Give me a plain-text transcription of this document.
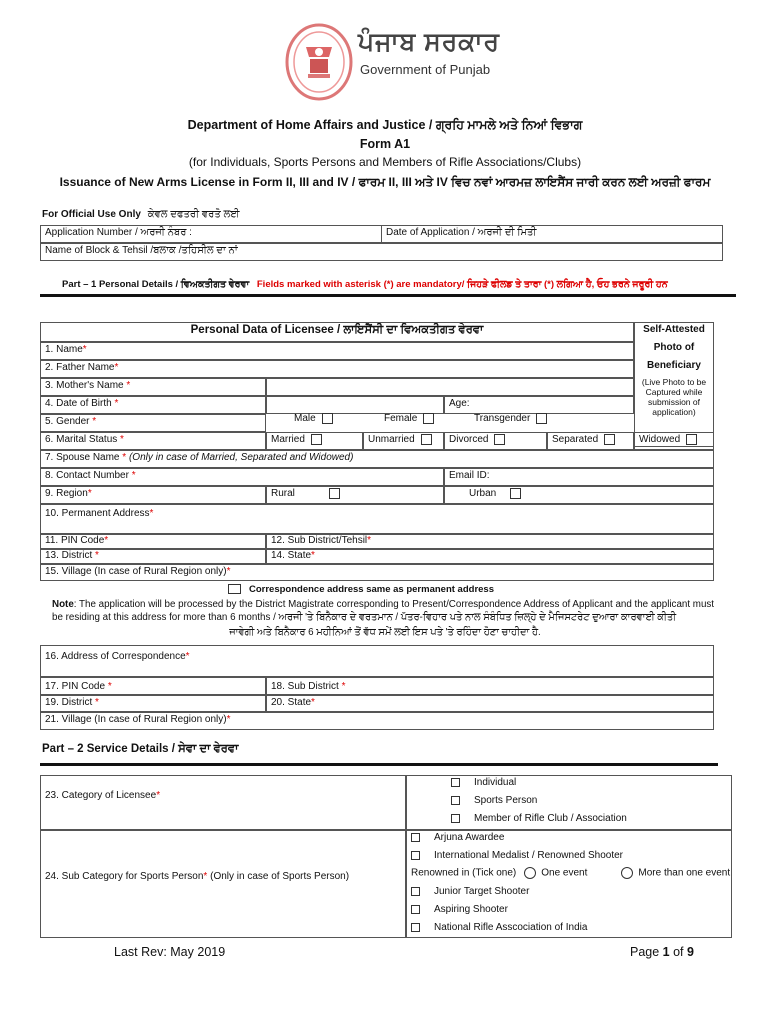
ਪੰਜਾਬ ਸਰਕਾਰ
Government of Punjab
Department of Home Affairs and Justice / ਗ੍ਰਹਿ ਮਾਮਲੇ ਅਤੇ ਨਿਆਂ ਵਿਭਾਗ
Form A1
(for Individuals, Sports Persons and Members of Rifle Associations/Clubs)
Issuance of New Arms License in Form II, III and IV / ਫਾਰਮ II, III ਅਤੇ IV ਵਿਚ ਨਵਾਂ ਆਰਮਜ਼ ਲਾਇਸੈਂਸ ਜਾਰੀ ਕਰਨ ਲਈ ਅਰਜ਼ੀ ਫਾਰਮ
For Official Use Only ਕੇਵਲ ਦਫਤਰੀ ਵਰਤੋ ਲਈ
Application Number / ਅਰਜੀ ਨੰਬਰ :	Date of Application / ਅਰਜੀ ਦੀ ਮਿਤੀ
Name of Block & Tehsil /ਬਲਾਕ /ਤਹਿਸੀਲ ਦਾ ਨਾਂ
Part – 1 Personal Details / ਵਿਅਕਤੀਗਤ ਵੇਰਵਾ Fields marked with asterisk (*) are mandatory/ ਜਿਹੜੇ ਫੀਲਡ ਤੇ ਤਾਰਾ (*) ਲਗਿਆ ਹੈ, ਓਹ ਭਰਨੇ ਜਰੂਰੀ ਹਨ
Personal Data of Licensee / ਲਾਇਸੈਂਸੀ ਦਾ ਵਿਅਕਤੀਗਤ ਵੇਰਵਾ	Self-Attested
Photo of
Beneficiary
(Live Photo to be Captured while submission of application)
1. Name*
2. Father Name*
3. Mother's Name *
4. Date of Birth *	Age:
5. Gender *	Male	Female	Transgender
6. Marital Status *	Married	Unmarried	Divorced	Separated	Widowed
7. Spouse Name * (Only in case of Married, Separated and Widowed)
8. Contact Number *	Email ID:
9. Region*	Rural	Urban
10. Permanent Address*
11. PIN Code*	12. Sub District/Tehsil*
13. District *	14. State*
15. Village (In case of Rural Region only)*
Correspondence address same as permanent address
Note: The application will be processed by the District Magistrate corresponding to Present/Correspondence Address of Applicant and the applicant must be residing at this address for more than 6 months / ਅਰਜੀ 'ਤੇ ਬਿਨੈਕਾਰ ਦੇ ਵਰਤਮਾਨ / ਪੱਤਰ-ਵਿਹਾਰ ਪਤੇ ਨਾਲ ਸੰਬੰਧਿਤ ਜ਼ਿਲ੍ਹੇ ਦੇ ਮੈਜਿਸਟਰੇਟ ਦੁਆਰਾ ਕਾਰਵਾਈ ਕੀਤੀ
ਜਾਵੇਗੀ ਅਤੇ ਬਿਨੈਕਾਰ 6 ਮਹੀਨਿਆਂ ਤੋਂ ਵੱਧ ਸਮੇਂ ਲਈ ਇਸ ਪਤੇ 'ਤੇ ਰਹਿੰਦਾ ਹੋਣਾ ਚਾਹੀਦਾ ਹੈ.
16. Address of Correspondence*
17. PIN Code *	18. Sub District *
19. District *	20. State*
21. Village (In case of Rural Region only)*
Part – 2 Service Details / ਸੇਵਾ ਦਾ ਵੇਰਵਾ
23. Category of Licensee*
Individual
Sports Person
Member of Rifle Club / Association
24. Sub Category for Sports Person* (Only in case of Sports Person)
Arjuna Awardee
International Medalist / Renowned Shooter
Renowned in (Tick one)	One event	More than one event
Junior Target Shooter
Aspiring Shooter
National Rifle Asscociation of India
Last Rev: May 2019	Page 1 of 9
